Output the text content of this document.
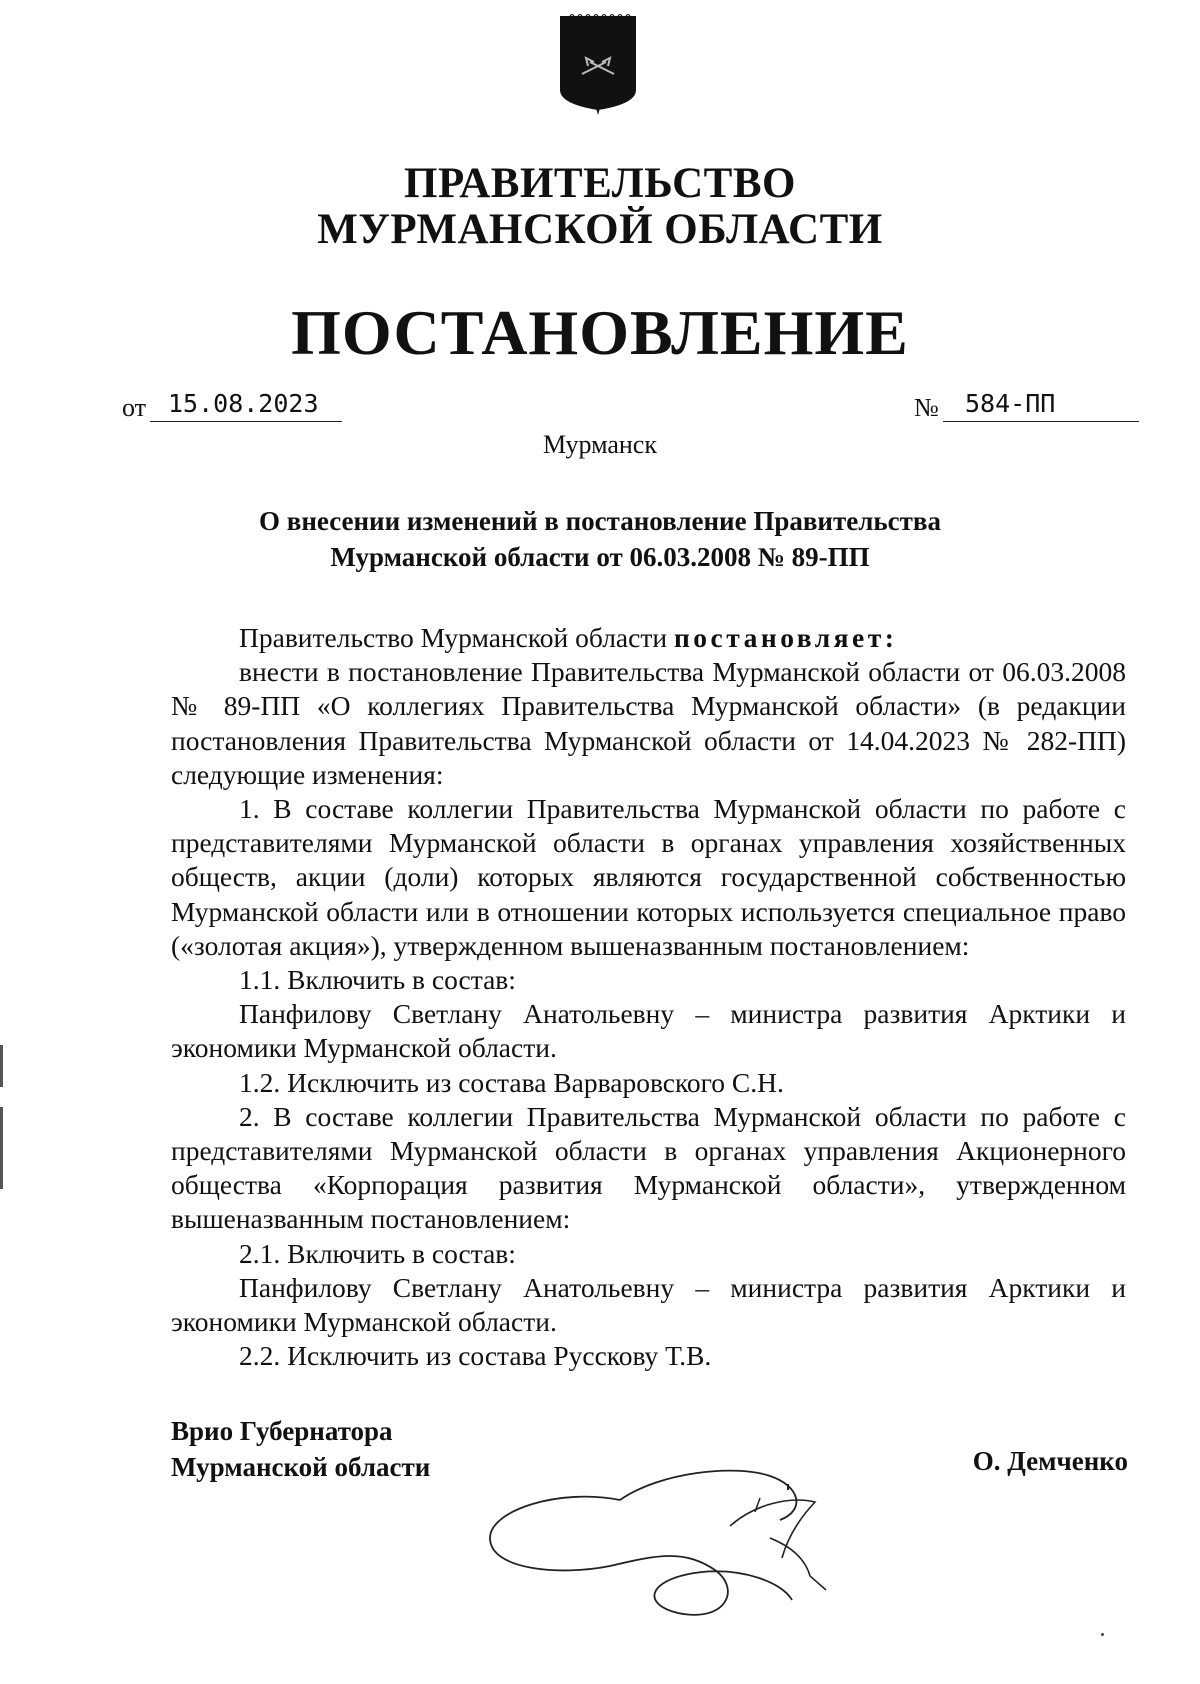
ПРАВИТЕЛЬСТВО
МУРМАНСКОЙ ОБЛАСТИ
ПОСТАНОВЛЕНИЕ
от 15.08.2023	№	584-ПП
Мурманск
О внесении изменений в постановление Правительства
Мурманской области от 06.03.2008 № 89-ПП

Правительство Мурманской области постановляет:

внести в постановление Правительства Мурманской области от 06.03.2008 № 89-ПП «О коллегиях Правительства Мурманской области» (в редакции постановления Правительства Мурманской области от 14.04.2023 № 282-ПП) следующие изменения:

1. В составе коллегии Правительства Мурманской области по работе с представителями Мурманской области в органах управления хозяйственных обществ, акции (доли) которых являются государственной собственностью Мурманской области или в отношении которых используется специальное право («золотая акция»), утвержденном вышеназванным постановлением:

1.1. Включить в состав:

Панфилову Светлану Анатольевну – министра развития Арктики и экономики Мурманской области.

1.2. Исключить из состава Варваровского С.Н.

2. В составе коллегии Правительства Мурманской области по работе с представителями Мурманской области в органах управления Акционерного общества «Корпорация развития Мурманской области», утвержденном вышеназванным постановлением:

2.1. Включить в состав:

Панфилову Светлану Анатольевну – министра развития Арктики и экономики Мурманской области.

2.2. Исключить из состава Русскову Т.В.

Врио Губернатора
Мурманской области	О. Демченко
